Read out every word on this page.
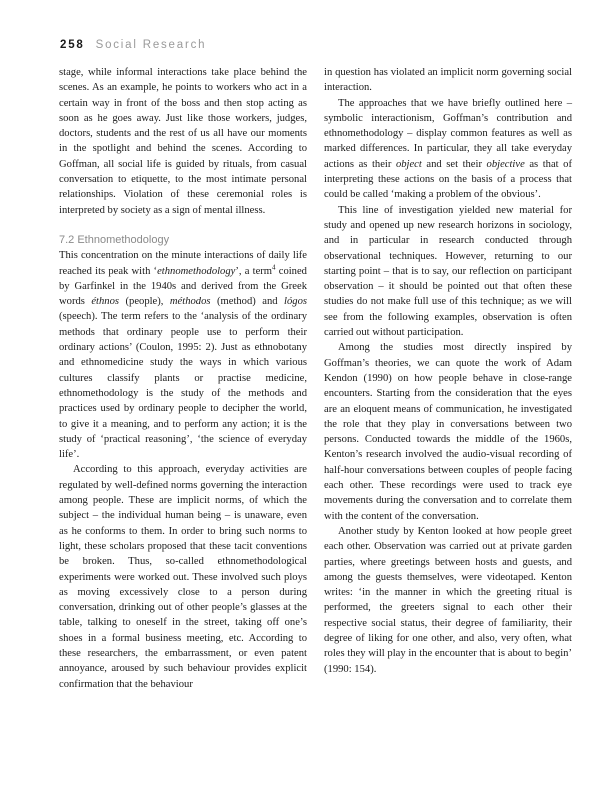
258 Social Research

stage, while informal interactions take place behind the scenes. As an example, he points to workers who act in a certain way in front of the boss and then stop acting as soon as he goes away. Just like those workers, judges, doctors, students and the rest of us all have our moments in the spotlight and behind the scenes. According to Goffman, all social life is guided by rituals, from casual conversation to etiquette, to the most intimate personal relationships. Violation of these ceremonial roles is interpreted by society as a sign of mental illness.

7.2 Ethnomethodology

This concentration on the minute interactions of daily life reached its peak with ‘ethnomethodology’, a term$^4$ coined by Garfinkel in the 1940s and derived from the Greek words éthnos (people), méthodos (method) and lógos (speech). The term refers to the ‘analysis of the ordinary methods that ordinary people use to perform their ordinary actions’ (Coulon, 1995: 2). Just as ethnobotany and ethnomedicine study the ways in which various cultures classify plants or practise medicine, ethnomethodology is the study of the methods and practices used by ordinary people to decipher the world, to give it a meaning, and to perform any action; it is the study of ‘practical reasoning’, ‘the science of everyday life’.

According to this approach, everyday activities are regulated by well-defined norms governing the interaction among people. These are implicit norms, of which the subject – the individual human being – is unaware, even as he conforms to them. In order to bring such norms to light, these scholars proposed that these tacit conventions be broken. Thus, so-called ethnomethodological experiments were worked out. These involved such ploys as moving excessively close to a person during conversation, drinking out of other people’s glasses at the table, talking to oneself in the street, taking off one’s shoes in a formal business meeting, etc. According to these researchers, the embarrassment, or even patent annoyance, aroused by such behaviour provides explicit confirmation that the behaviour

in question has violated an implicit norm governing social interaction.

The approaches that we have briefly outlined here – symbolic interactionism, Goffman’s contribution and ethnomethodology – display common features as well as marked differences. In particular, they all take everyday actions as their object and set their objective as that of interpreting these actions on the basis of a process that could be called ‘making a problem of the obvious’.

This line of investigation yielded new material for study and opened up new research horizons in sociology, and in particular in research conducted through observational techniques. However, returning to our starting point – that is to say, our reflection on participant observation – it should be pointed out that often these studies do not make full use of this technique; as we will see from the following examples, observation is often carried out without participation.

Among the studies most directly inspired by Goffman’s theories, we can quote the work of Adam Kendon (1990) on how people behave in close-range encounters. Starting from the consideration that the eyes are an eloquent means of communication, he investigated the role that they play in conversations between two persons. Conducted towards the middle of the 1960s, Kenton’s research involved the audio-visual recording of half-hour conversations between couples of people facing each other. These recordings were used to track eye movements during the conversation and to correlate them with the content of the conversation.

Another study by Kenton looked at how people greet each other. Observation was carried out at private garden parties, where greetings between hosts and guests, and among the guests themselves, were videotaped. Kenton writes: ‘in the manner in which the greeting ritual is performed, the greeters signal to each other their respective social status, their degree of familiarity, their degree of liking for one other, and also, very often, what roles they will play in the encounter that is about to begin’ (1990: 154).
